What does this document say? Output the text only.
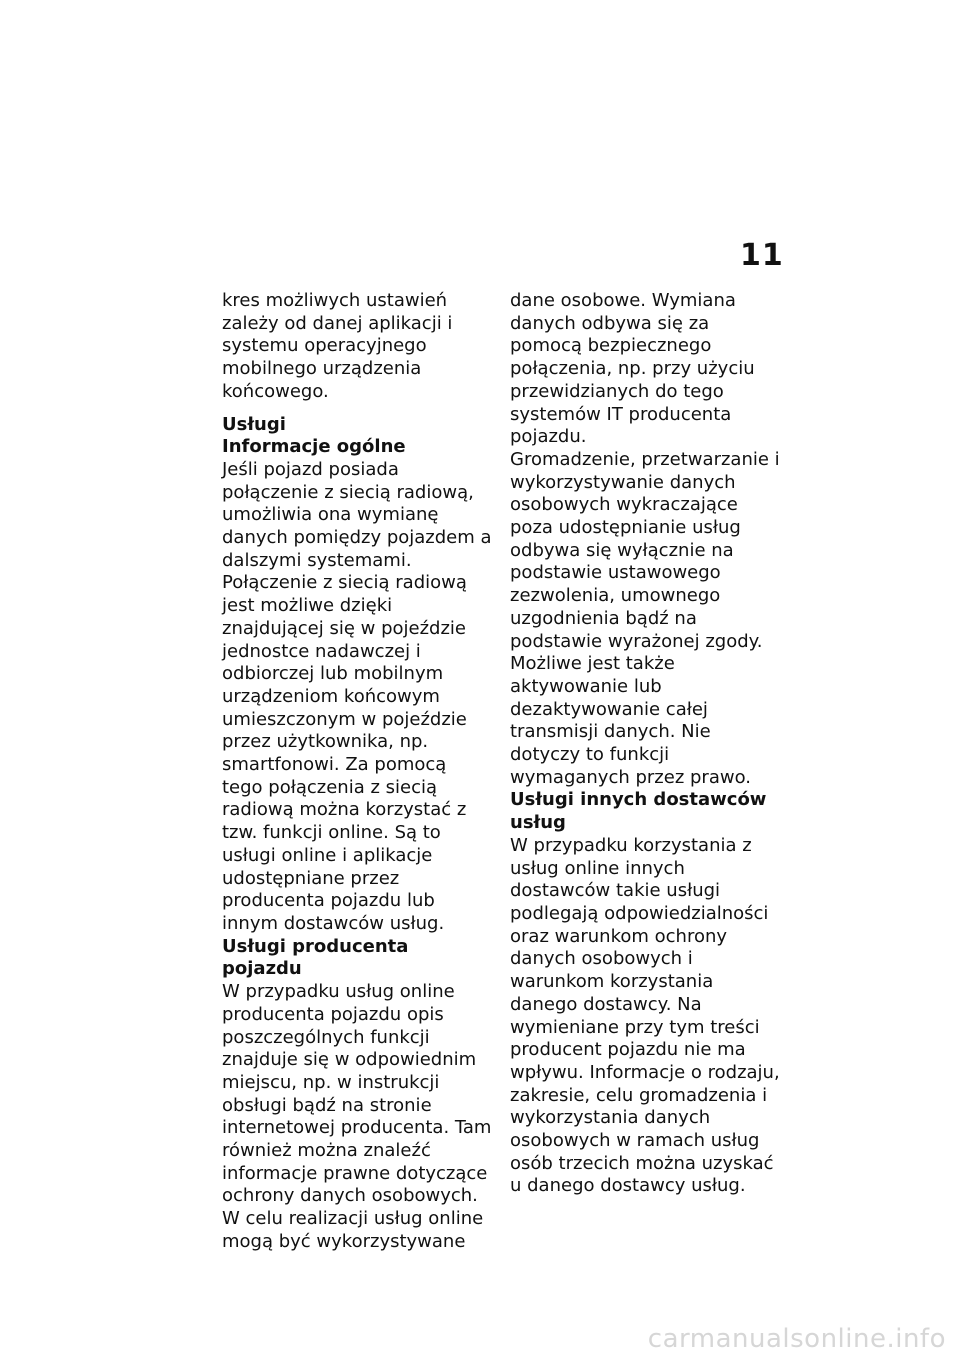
11

kres możliwych ustawień zależy od danej aplikacji i systemu operacyjnego mobilnego urządzenia końcowego.

Usługi
Informacje ogólne

Jeśli pojazd posiada połączenie z siecią radiową, umożliwia ona wymianę danych pomiędzy pojazdem a dalszymi systemami. Połączenie z siecią radiową jest możliwe dzięki znajdującej się w pojeździe jednostce nadawczej i odbiorczej lub mobilnym urządzeniom końcowym umieszczonym w pojeździe przez użytkownika, np. smartfonowi. Za pomocą tego połączenia z siecią radiową można korzystać z tzw. funkcji online. Są to usługi online i aplikacje udostępniane przez producenta pojazdu lub innym dostawców usług.

Usługi producenta pojazdu

W przypadku usług online producenta pojazdu opis poszczególnych funkcji znajduje się w odpowiednim miejscu, np. w instrukcji obsługi bądź na stronie internetowej producenta. Tam również można znaleźć informacje prawne dotyczące ochrony danych osobowych.

W celu realizacji usług online mogą być wykorzystywane

dane osobowe. Wymiana danych odbywa się za pomocą bezpiecznego połączenia, np. przy użyciu przewidzianych do tego systemów IT producenta pojazdu.

Gromadzenie, przetwarzanie i wykorzystywanie danych osobowych wykraczające poza udostępnianie usług odbywa się wyłącznie na podstawie ustawowego zezwolenia, umownego uzgodnienia bądź na podstawie wyrażonej zgody. Możliwe jest także aktywowanie lub dezaktywowanie całej transmisji danych. Nie dotyczy to funkcji wymaganych przez prawo.

Usługi innych dostawców usług

W przypadku korzystania z usług online innych dostawców takie usługi podlegają odpowiedzialności oraz warunkom ochrony danych osobowych i warunkom korzystania danego dostawcy. Na wymieniane przy tym treści producent pojazdu nie ma wpływu. Informacje o rodzaju, zakresie, celu gromadzenia i wykorzystania danych osobowych w ramach usług osób trzecich można uzyskać u danego dostawcy usług.

carmanualsonline.info
